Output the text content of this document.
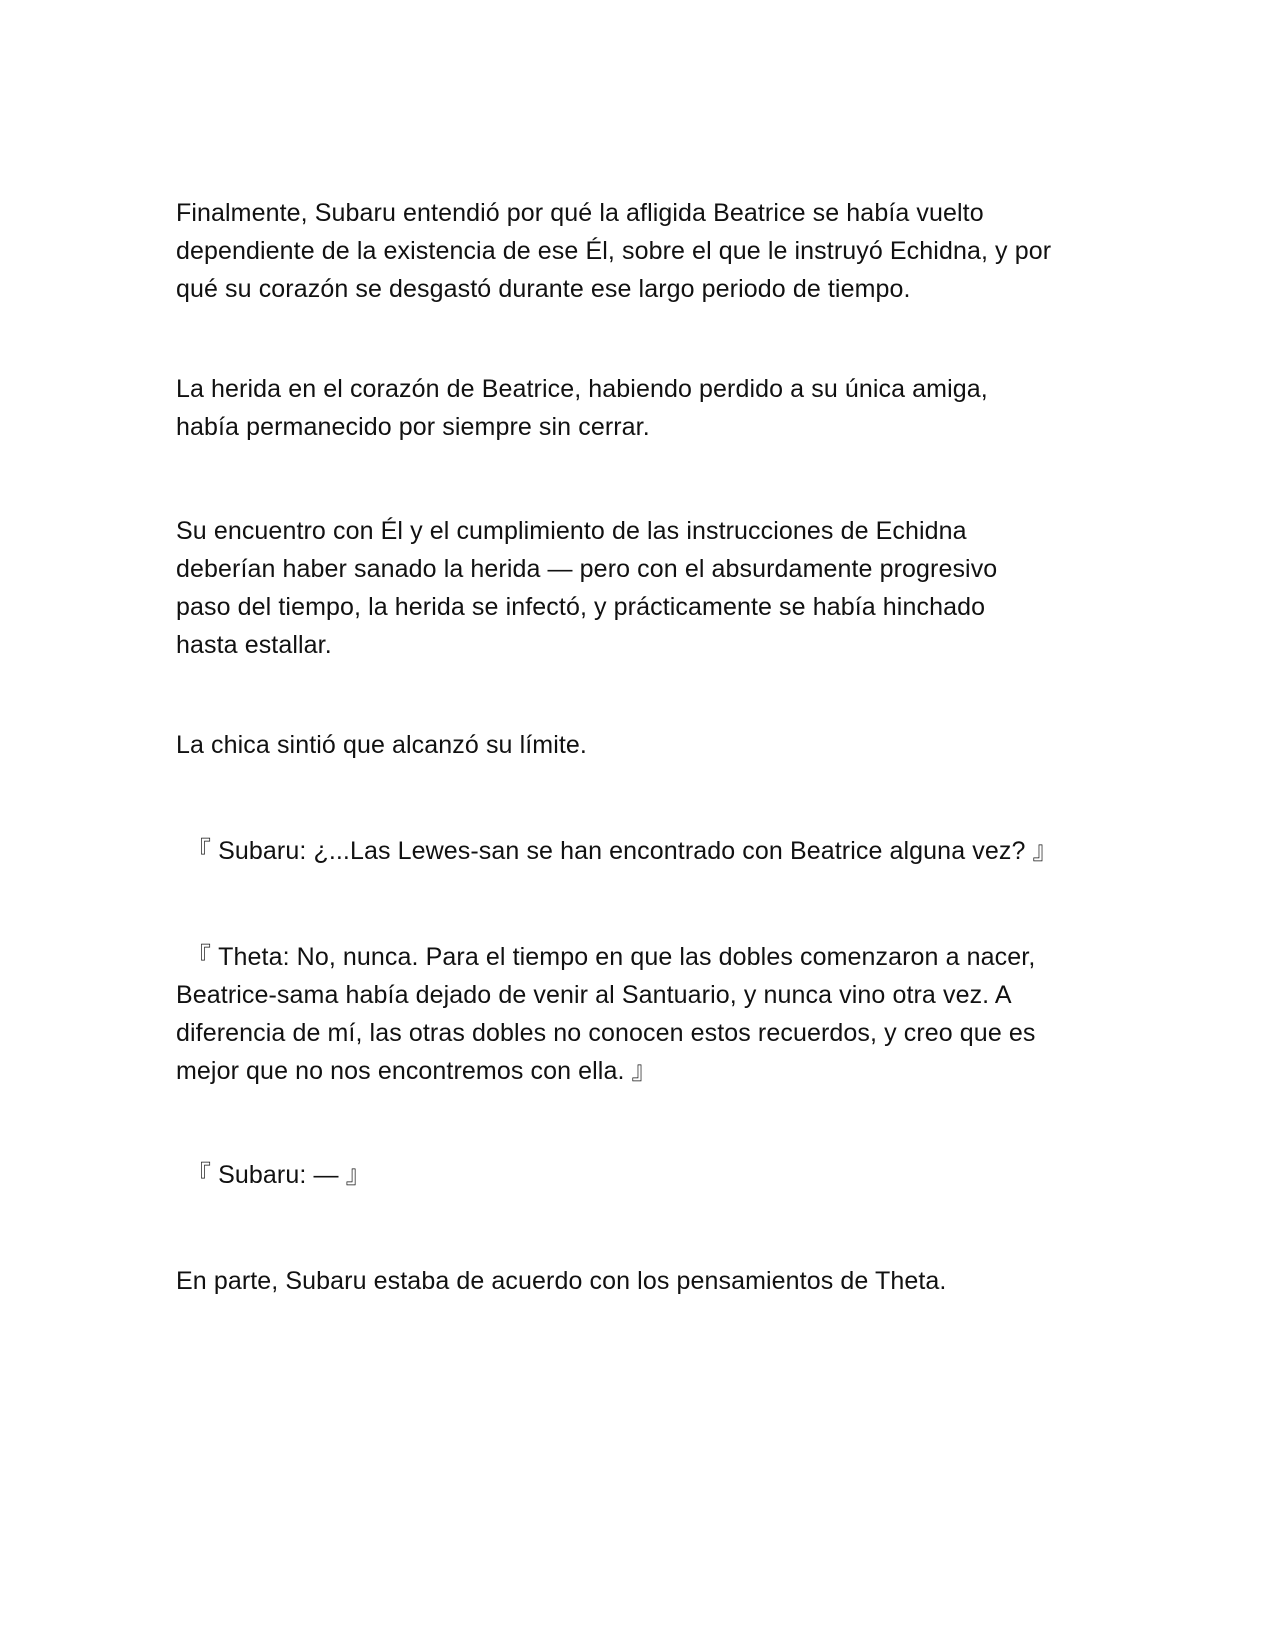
Finalmente, Subaru entendió por qué la afligida Beatrice se había vuelto
dependiente de la existencia de ese Él, sobre el que le instruyó Echidna, y por
qué su corazón se desgastó durante ese largo periodo de tiempo.

La herida en el corazón de Beatrice, habiendo perdido a su única amiga,
había permanecido por siempre sin cerrar.

Su encuentro con Él y el cumplimiento de las instrucciones de Echidna
deberían haber sanado la herida — pero con el absurdamente progresivo
paso del tiempo, la herida se infectó, y prácticamente se había hinchado
hasta estallar.

La chica sintió que alcanzó su límite.

『 Subaru: ¿...Las Lewes-san se han encontrado con Beatrice alguna vez? 』

『 Theta: No, nunca. Para el tiempo en que las dobles comenzaron a nacer,
Beatrice-sama había dejado de venir al Santuario, y nunca vino otra vez. A
diferencia de mí, las otras dobles no conocen estos recuerdos, y creo que es
mejor que no nos encontremos con ella. 』

『 Subaru: — 』

En parte, Subaru estaba de acuerdo con los pensamientos de Theta.
